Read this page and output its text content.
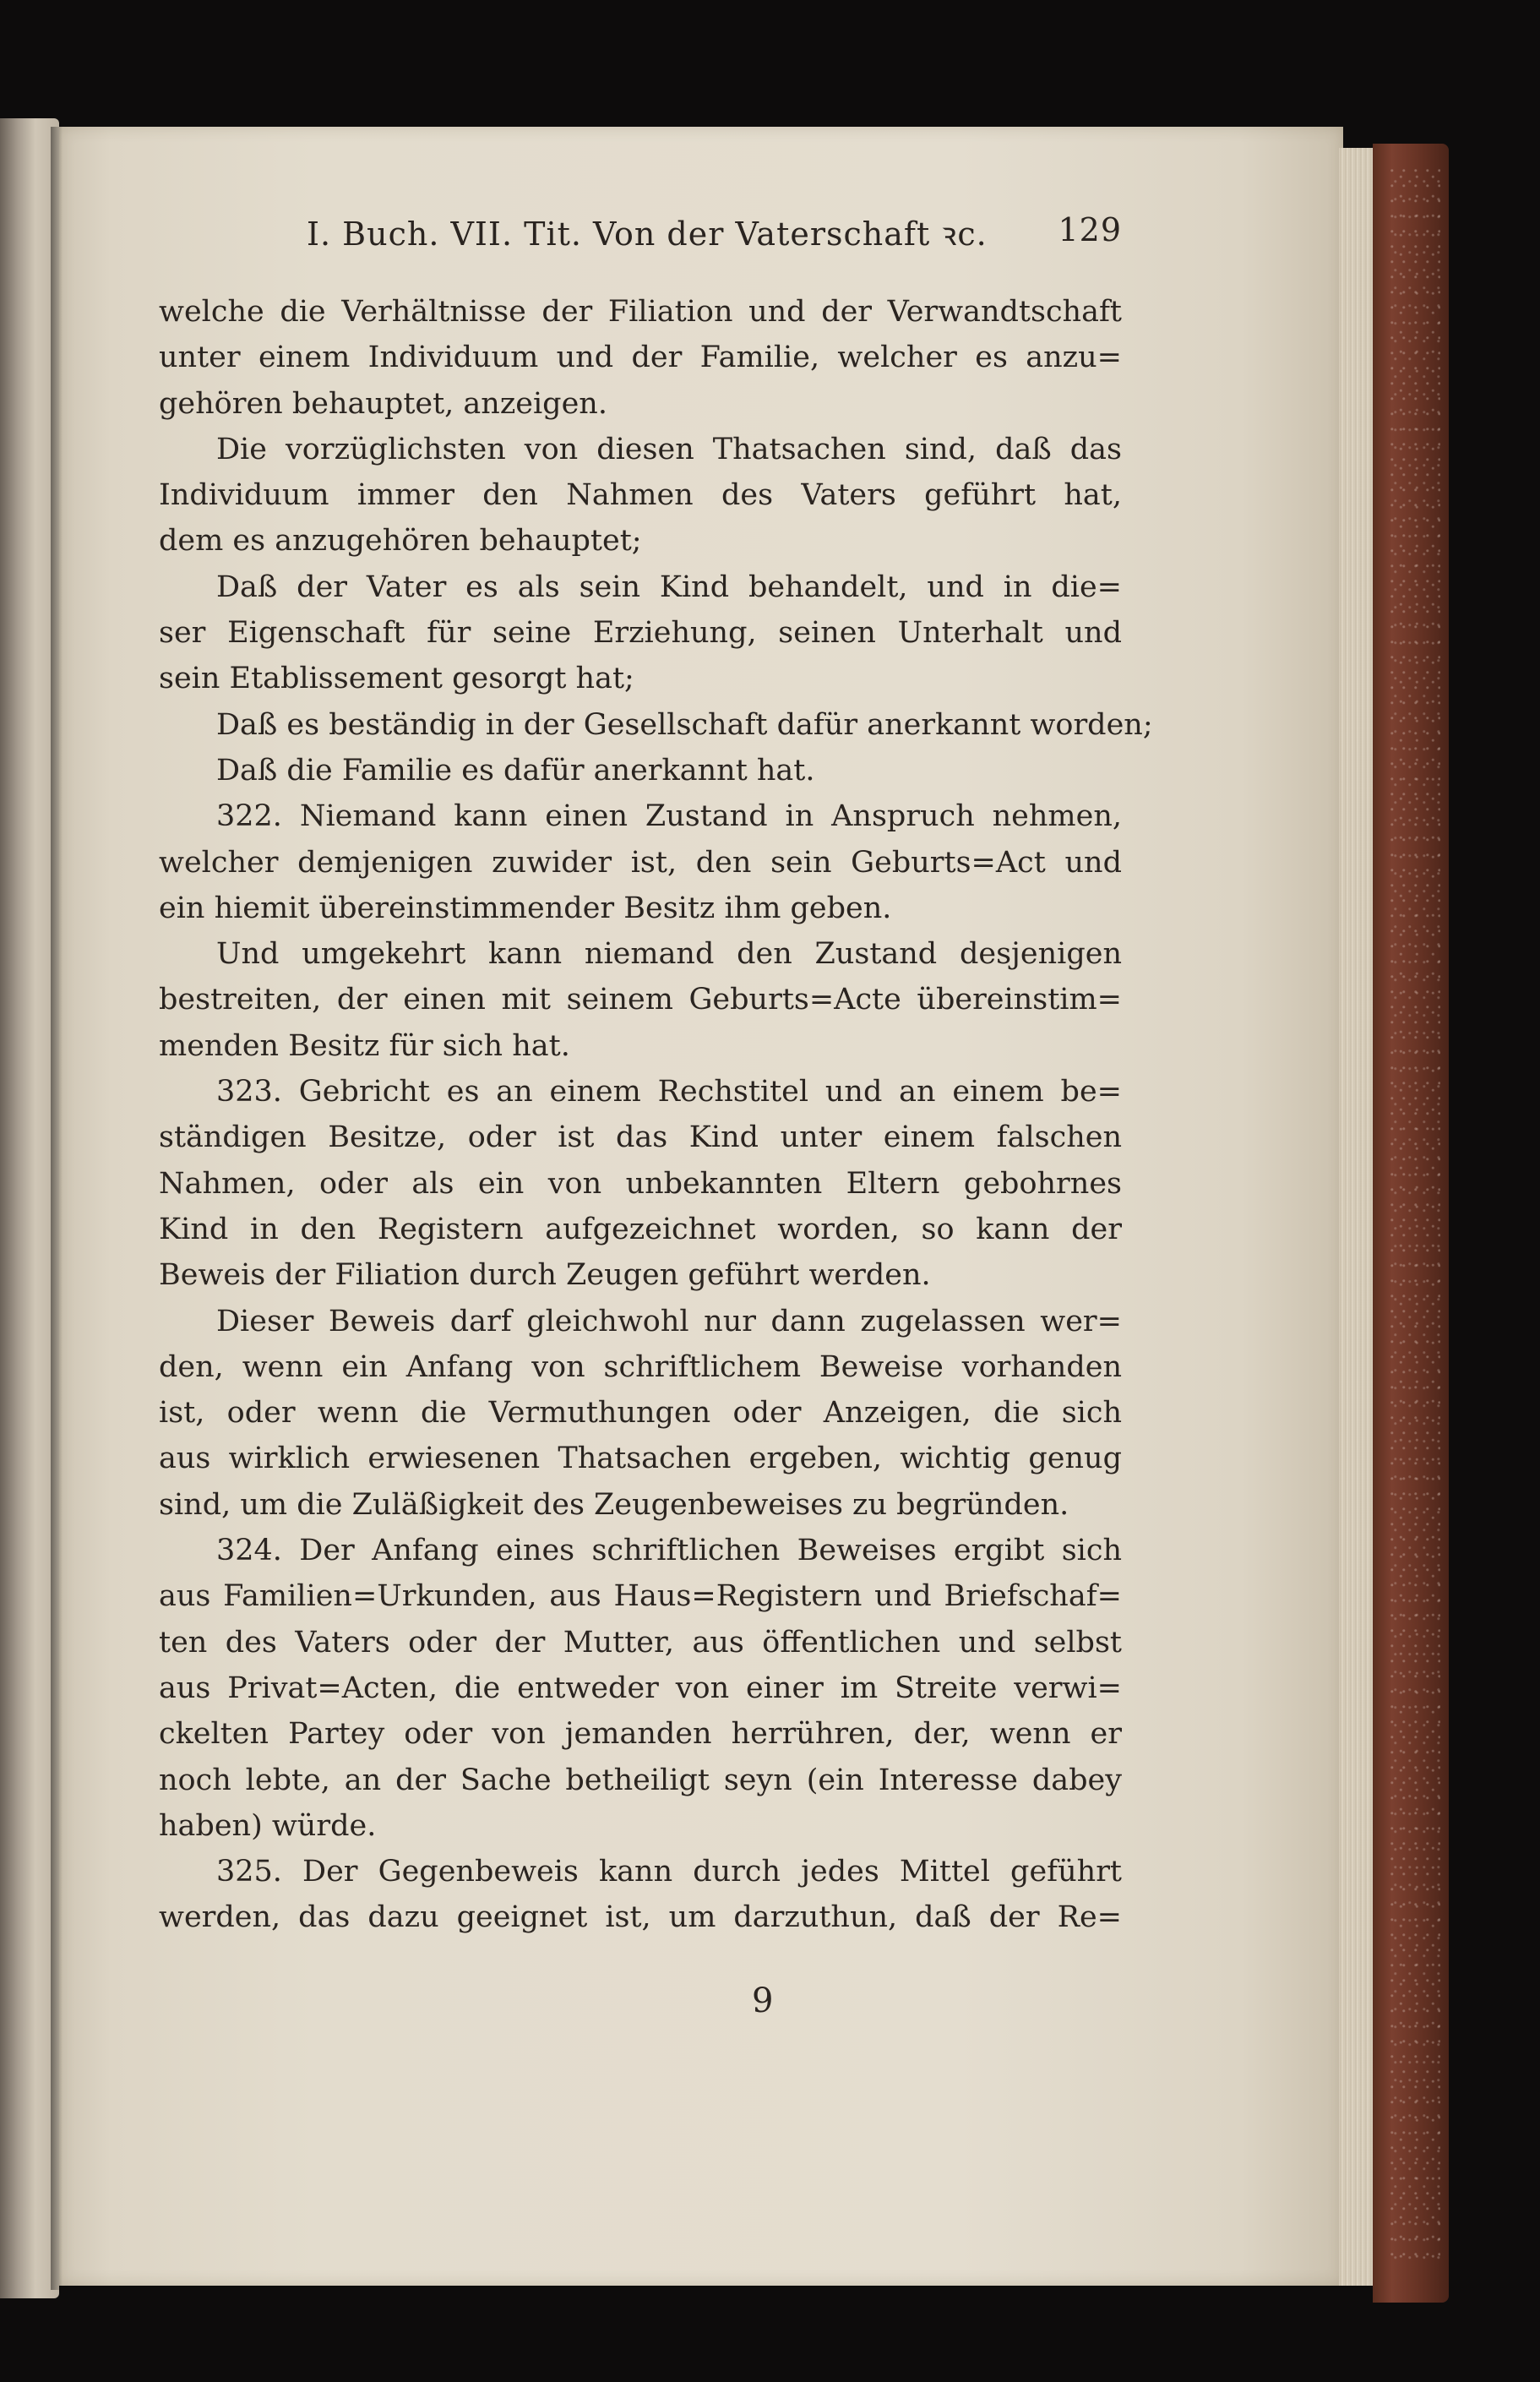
I. Buch. VII. Tit. Von der Vaterschaft ꝛc. 129
welche die Verhältnisse der Filiation und der Verwandtschaft
unter einem Individuum und der Familie, welcher es anzu=
gehören behauptet, anzeigen.
Die vorzüglichsten von diesen Thatsachen sind, daß das
Individuum immer den Nahmen des Vaters geführt hat,
dem es anzugehören behauptet;
Daß der Vater es als sein Kind behandelt, und in die=
ser Eigenschaft für seine Erziehung, seinen Unterhalt und
sein Etablissement gesorgt hat;
Daß es beständig in der Gesellschaft dafür anerkannt worden;
Daß die Familie es dafür anerkannt hat.
322. Niemand kann einen Zustand in Anspruch nehmen,
welcher demjenigen zuwider ist, den sein Geburts=Act und
ein hiemit übereinstimmender Besitz ihm geben.
Und umgekehrt kann niemand den Zustand desjenigen
bestreiten, der einen mit seinem Geburts=Acte übereinstim=
menden Besitz für sich hat.
323. Gebricht es an einem Rechstitel und an einem be=
ständigen Besitze, oder ist das Kind unter einem falschen
Nahmen, oder als ein von unbekannten Eltern gebohrnes
Kind in den Registern aufgezeichnet worden, so kann der
Beweis der Filiation durch Zeugen geführt werden.
Dieser Beweis darf gleichwohl nur dann zugelassen wer=
den, wenn ein Anfang von schriftlichem Beweise vorhanden
ist, oder wenn die Vermuthungen oder Anzeigen, die sich
aus wirklich erwiesenen Thatsachen ergeben, wichtig genug
sind, um die Zuläßigkeit des Zeugenbeweises zu begründen.
324. Der Anfang eines schriftlichen Beweises ergibt sich
aus Familien=Urkunden, aus Haus=Registern und Briefschaf=
ten des Vaters oder der Mutter, aus öffentlichen und selbst
aus Privat=Acten, die entweder von einer im Streite verwi=
ckelten Partey oder von jemanden herrühren, der, wenn er
noch lebte, an der Sache betheiligt seyn (ein Interesse dabey
haben) würde.
325. Der Gegenbeweis kann durch jedes Mittel geführt
werden, das dazu geeignet ist, um darzuthun, daß der Re=
9
